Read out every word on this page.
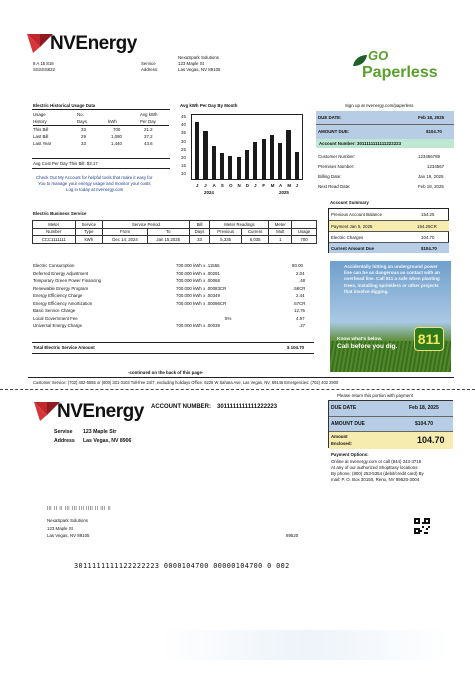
NVEnergy
8 A 15 816
SSSSS822
Service
Address:
NexaSpark Solutions
123 Maple St
Las Vegas, NV 89105
GO
Paperless
Electric Historical Usage Data
Usage	No.	Avg kWh
History	Days	kWh	Per Day
This Bill	33	700	21.2
Last Bill	29	1,080	37.2
Last Year	33	1,440	43.6
Avg Cost Per Day This Bill: $3.17
Check Out My Account for helpful tools that make it easy for
You to manage your energy usage and monitor your costs
Log in today at nvenergy.com
Avg kWh Per Day By Month
45
40
35
30
25
20
15
10
J J A S O N D J F M A M J
2024	2025
Sign up at nvenergy.com/paperless
DUE DATE:	Feb 18, 2025
AMOUNT DUE:	$104.70
Account Number: 3011111111111222223
Customer Number:	123456789
Premises Number:	1234567
Billing Date:	Jan 19, 2025
Next Read Date:	Feb 18, 2025
Account Summary
Previous Account Balance	154.25
Payment Jan 5, 2025	154.25CR
Electric Charges	104.70
Current Amount Due	$104.70
Electric Business Service
Meter	Service	Service Period		Bill	Meter Readings		Meter	
Number	Type	From	To	Days	Previous	Current	Mult	Usage
CCC1111111	kWh	Dec 14, 2024	Jan 15,2025	33	5,335	6,035	1	700
Electric Consumption	700.000 kWh x .11555	80.00
Deferred Energy Adjustment	700.000 kWh x .00291	2.04
Temporary Green Power Financing	700.000 kWh x .00068	.48
Renewable Energy Program	700.000 kWh x .00083CR	.58CR
Energy Efficiency Charge	700.000 kWh x .00349	2.44
Energy Efficiency Amortization	700.000 kWh x .00096CR	.67CR
Basic Service Charge	12.75
Local Government Fee	5%	4.97
Universal Energy Charge	700.000 kWh x .00039	.27
Total Electric Service Amount	$ 104.70
Accidentally hitting an underground power line can be as dangerous as contact with an overhead line. Call 811 a safe when planting trees, installing sprinklers or other projects that involve digging.
811
Know what's below.
Call before you dig.
-continued on the back of this page-
Customer Service: (702) 402-5555 or (800) 331-3103 Toll-free 24/7, excluding holidays Office: 6226 W Sahara Ave, Las Vegas, NV, 89146 Emergencies: (702) 402 2900
Please return this portion with payment
NVEnergy ACCOUNT NUMBER: 3011111111111222223
Servise 123 Maple Str
Address Las Vegas, NV 8906
DUE DATE	Feb 18, 2025
AMOUNT DUE	$104.70
Amount
Enclosed:	104.70
Payment Options:
Online at nvenergy.com or call (844) 343-3719
At any of our authorized ShopEasy locations
By phone: (800) 253-5354 (debit/credit card) By
mail: P. O. Box 30150, Reno, NV 89520-3004
lll ll ll lll lll lll llll ll lll ll
NexaSpark Solutions
123 Maple St
Las Vegas, NV 89105	89520
3011111111122222223 0000104700 00000104700 0 002
